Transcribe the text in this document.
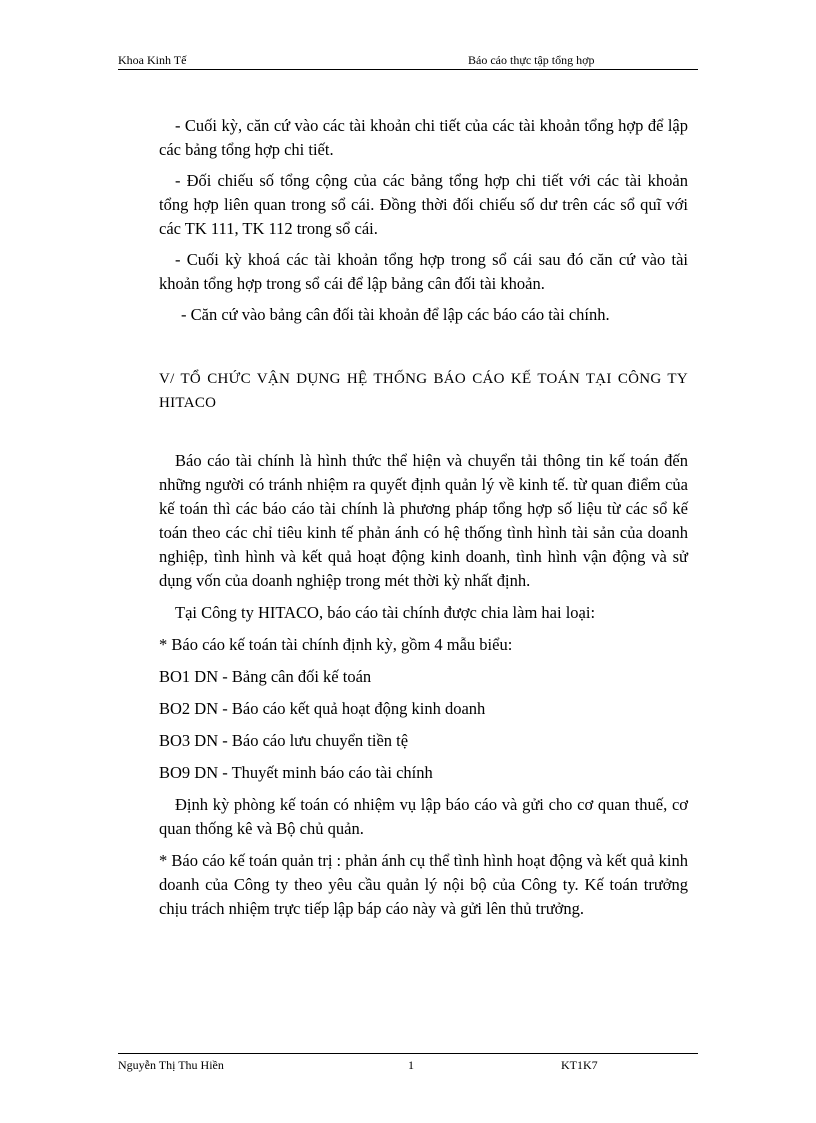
Khoa Kinh Tế	Báo cáo thực tập tổng hợp

- Cuối kỳ, căn cứ vào các tài khoản chi tiết của các tài khoản tổng hợp để lập các bảng tổng hợp chi tiết.

- Đối chiếu số tổng cộng của các bảng tổng hợp chi tiết với các tài khoản tổng hợp liên quan trong sổ cái. Đồng thời đối chiếu số dư trên các sổ quĩ với các TK 111, TK 112 trong sổ cái.

- Cuối kỳ khoá các tài khoản tổng hợp trong sổ cái sau đó căn cứ vào tài khoản tổng hợp trong sổ cái để lập bảng cân đối tài khoản.

- Căn cứ vào bảng cân đối tài khoản để lập các báo cáo tài chính.

V/ TỔ CHỨC VẬN DỤNG HỆ THỐNG BÁO CÁO KẾ TOÁN TẠI CÔNG TY HITACO

Báo cáo tài chính là hình thức thể hiện và chuyển tải thông tin kế toán đến những người có tránh nhiệm ra quyết định quản lý về kinh tế. từ quan điểm của kế toán thì các báo cáo tài chính là phương pháp tổng hợp số liệu từ các sổ kế toán theo các chỉ tiêu kinh tế phản ánh có hệ thống tình hình tài sản của doanh nghiệp, tình hình và kết quả hoạt động kinh doanh, tình hình vận động và sử dụng vốn của doanh nghiệp trong mét thời kỳ nhất định.

Tại Công ty HITACO, báo cáo tài chính được chia làm hai loại:

* Báo cáo kế toán tài chính định kỳ, gồm 4 mẫu biểu:

BO1 DN - Bảng cân đối kế toán

BO2 DN - Báo cáo kết quả hoạt động kinh doanh

BO3 DN - Báo cáo lưu chuyển tiền tệ

BO9 DN - Thuyết minh báo cáo tài chính

Định kỳ phòng kế toán có nhiệm vụ lập báo cáo và gửi cho cơ quan thuế, cơ quan thống kê và Bộ chủ quản.

* Báo cáo kế toán quản trị : phản ánh cụ thể tình hình hoạt động và kết quả kinh doanh của Công ty theo yêu cầu quản lý nội bộ của Công ty. Kế toán trưởng chịu trách nhiệm trực tiếp lập báp cáo này và gửi lên thủ trưởng.

Nguyễn Thị Thu Hiền	1	KT1K7
